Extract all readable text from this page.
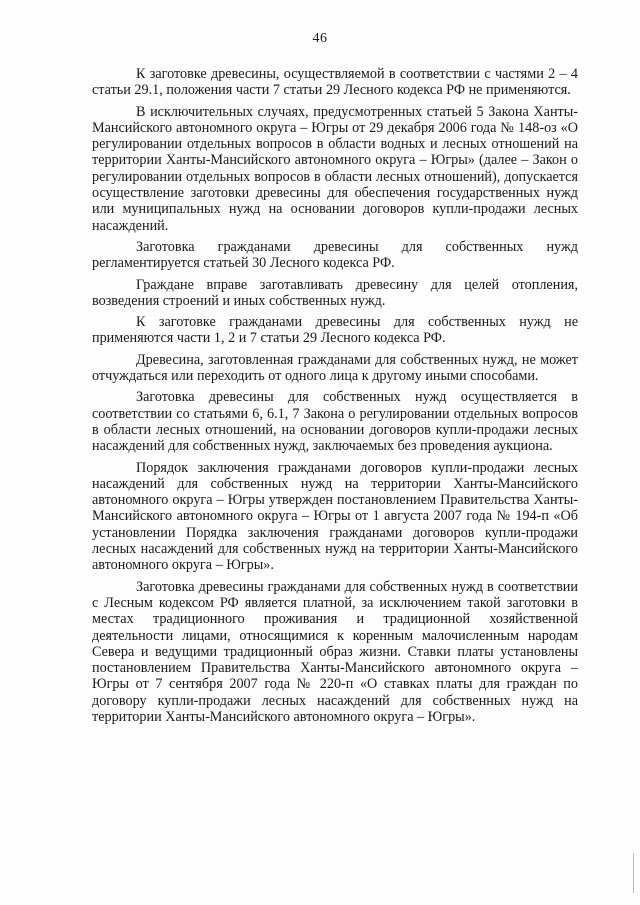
46

К заготовке древесины, осуществляемой в соответствии с частями 2 – 4 статьи 29.1, положения части 7 статьи 29 Лесного кодекса РФ не применяются.

В исключительных случаях, предусмотренных статьей 5 Закона Ханты-Мансийского автономного округа – Югры от 29 декабря 2006 года № 148-оз «О регулировании отдельных вопросов в области водных и лесных отношений на территории Ханты-Мансийского автономного округа – Югры» (далее – Закон о регулировании отдельных вопросов в области лесных отношений), допускается осуществление заготовки древесины для обеспечения государственных нужд или муниципальных нужд на основании договоров купли-продажи лесных насаждений.

Заготовка гражданами древесины для собственных нужд регламентируется статьей 30 Лесного кодекса РФ.

Граждане вправе заготавливать древесину для целей отопления, возведения строений и иных собственных нужд.

К заготовке гражданами древесины для собственных нужд не применяются части 1, 2 и 7 статьи 29 Лесного кодекса РФ.

Древесина, заготовленная гражданами для собственных нужд, не может отчуждаться или переходить от одного лица к другому иными способами.

Заготовка древесины для собственных нужд осуществляется в соответствии со статьями 6, 6.1, 7 Закона о регулировании отдельных вопросов в области лесных отношений, на основании договоров купли-продажи лесных насаждений для собственных нужд, заключаемых без проведения аукциона.

Порядок заключения гражданами договоров купли-продажи лесных насаждений для собственных нужд на территории Ханты-Мансийского автономного округа – Югры утвержден постановлением Правительства Ханты-Мансийского автономного округа – Югры от 1 августа 2007 года № 194-п «Об установлении Порядка заключения гражданами договоров купли-продажи лесных насаждений для собственных нужд на территории Ханты-Мансийского автономного округа – Югры».

Заготовка древесины гражданами для собственных нужд в соответствии с Лесным кодексом РФ является платной, за исключением такой заготовки в местах традиционного проживания и традиционной хозяйственной деятельности лицами, относящимися к коренным малочисленным народам Севера и ведущими традиционный образ жизни. Ставки платы установлены постановлением Правительства Ханты-Мансийского автономного округа – Югры от 7 сентября 2007 года № 220-п «О ставках платы для граждан по договору купли-продажи лесных насаждений для собственных нужд на территории Ханты-Мансийского автономного округа – Югры».
